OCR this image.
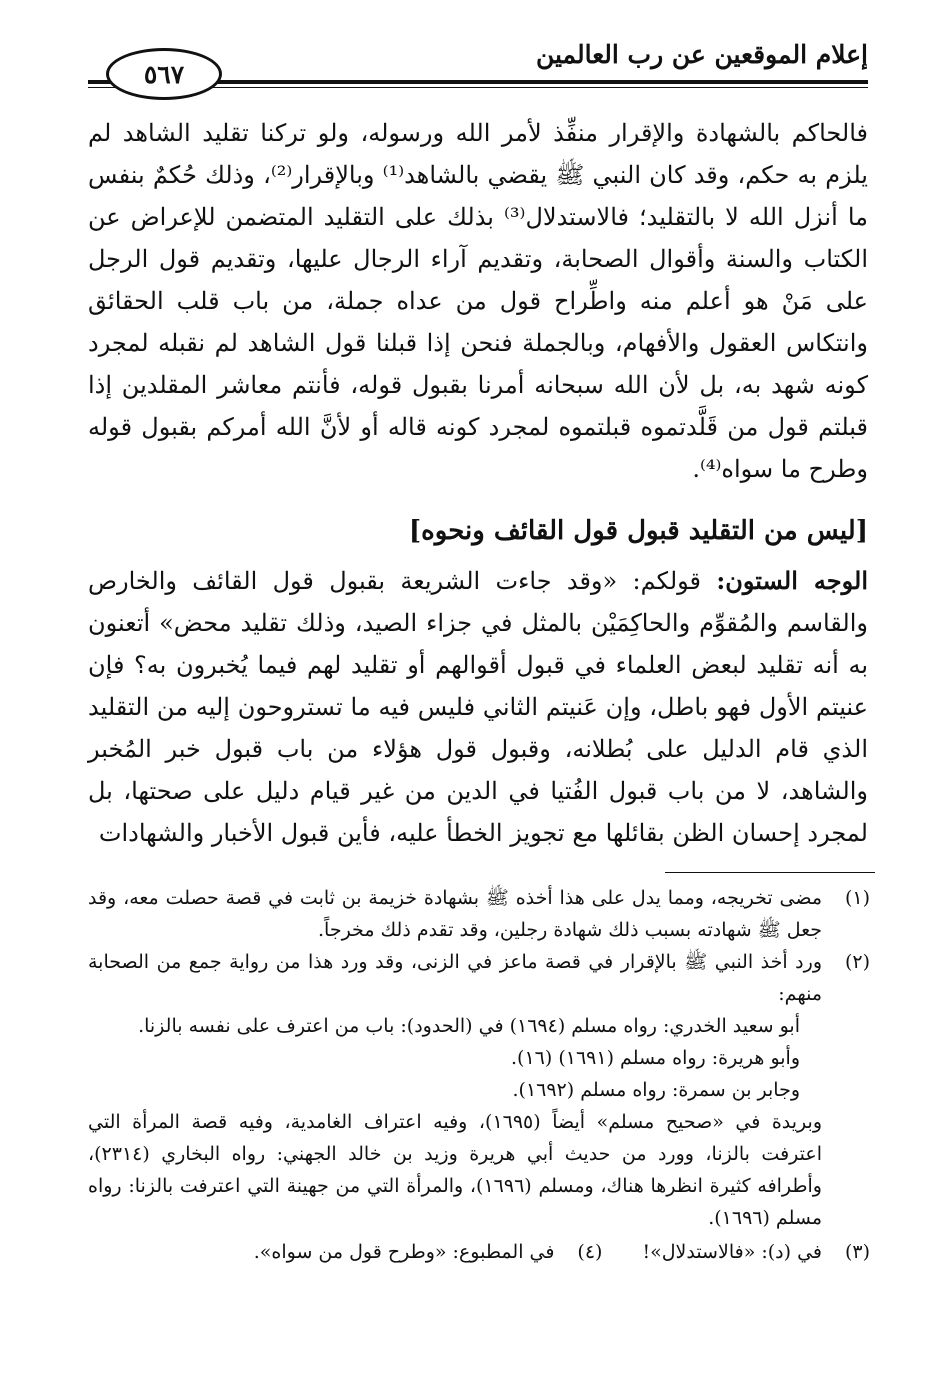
إعلام الموقعين عن رب العالمين
٥٦٧

فالحاكم بالشهادة والإقرار منفِّذ لأمر الله ورسوله، ولو تركنا تقليد الشاهد لم يلزم به حكم، وقد كان النبي ﷺ يقضي بالشاهد⁽¹⁾ وبالإقرار⁽²⁾، وذلك حُكمٌ بنفس ما أنزل الله لا بالتقليد؛ فالاستدلال⁽³⁾ بذلك على التقليد المتضمن للإعراض عن الكتاب والسنة وأقوال الصحابة، وتقديم آراء الرجال عليها، وتقديم قول الرجل على مَنْ هو أعلم منه واطِّراح قول من عداه جملة، من باب قلب الحقائق وانتكاس العقول والأفهام، وبالجملة فنحن إذا قبلنا قول الشاهد لم نقبله لمجرد كونه شهد به، بل لأن الله سبحانه أمرنا بقبول قوله، فأنتم معاشر المقلدين إذا قبلتم قول من قَلَّدتموه قبلتموه لمجرد كونه قاله أو لأنَّ الله أمركم بقبول قوله وطرح ما سواه⁽⁴⁾.

[ليس من التقليد قبول قول القائف ونحوه]

الوجه الستون: قولكم: «وقد جاءت الشريعة بقبول قول القائف والخارص والقاسم والمُقوِّم والحاكِمَيْن بالمثل في جزاء الصيد، وذلك تقليد محض» أتعنون به أنه تقليد لبعض العلماء في قبول أقوالهم أو تقليد لهم فيما يُخبرون به؟ فإن عنيتم الأول فهو باطل، وإن عَنيتم الثاني فليس فيه ما تستروحون إليه من التقليد الذي قام الدليل على بُطلانه، وقبول قول هؤلاء من باب قبول خبر المُخبر والشاهد، لا من باب قبول الفُتيا في الدين من غير قيام دليل على صحتها، بل لمجرد إحسان الظن بقائلها مع تجويز الخطأ عليه، فأين قبول الأخبار والشهادات

(١)
مضى تخريجه، ومما يدل على هذا أخذه ﷺ بشهادة خزيمة بن ثابت في قصة حصلت معه، وقد جعل ﷺ شهادته بسبب ذلك شهادة رجلين، وقد تقدم ذلك مخرجاً.
(٢)
ورد أخذ النبي ﷺ بالإقرار في قصة ماعز في الزنى، وقد ورد هذا من رواية جمع من الصحابة منهم:
أبو سعيد الخدري: رواه مسلم (١٦٩٤) في (الحدود): باب من اعترف على نفسه بالزنا.
وأبو هريرة: رواه مسلم (١٦٩١) (١٦).
وجابر بن سمرة: رواه مسلم (١٦٩٢).
وبريدة في «صحيح مسلم» أيضاً (١٦٩٥)، وفيه اعتراف الغامدية، وفيه قصة المرأة التي اعترفت بالزنا، وورد من حديث أبي هريرة وزيد بن خالد الجهني: رواه البخاري (٢٣١٤)، وأطرافه كثيرة انظرها هناك، ومسلم (١٦٩٦)، والمرأة التي من جهينة التي اعترفت بالزنا: رواه مسلم (١٦٩٦).
(٣)
في (د): «فالاستدلال»!
(٤)
في المطبوع: «وطرح قول من سواه».
